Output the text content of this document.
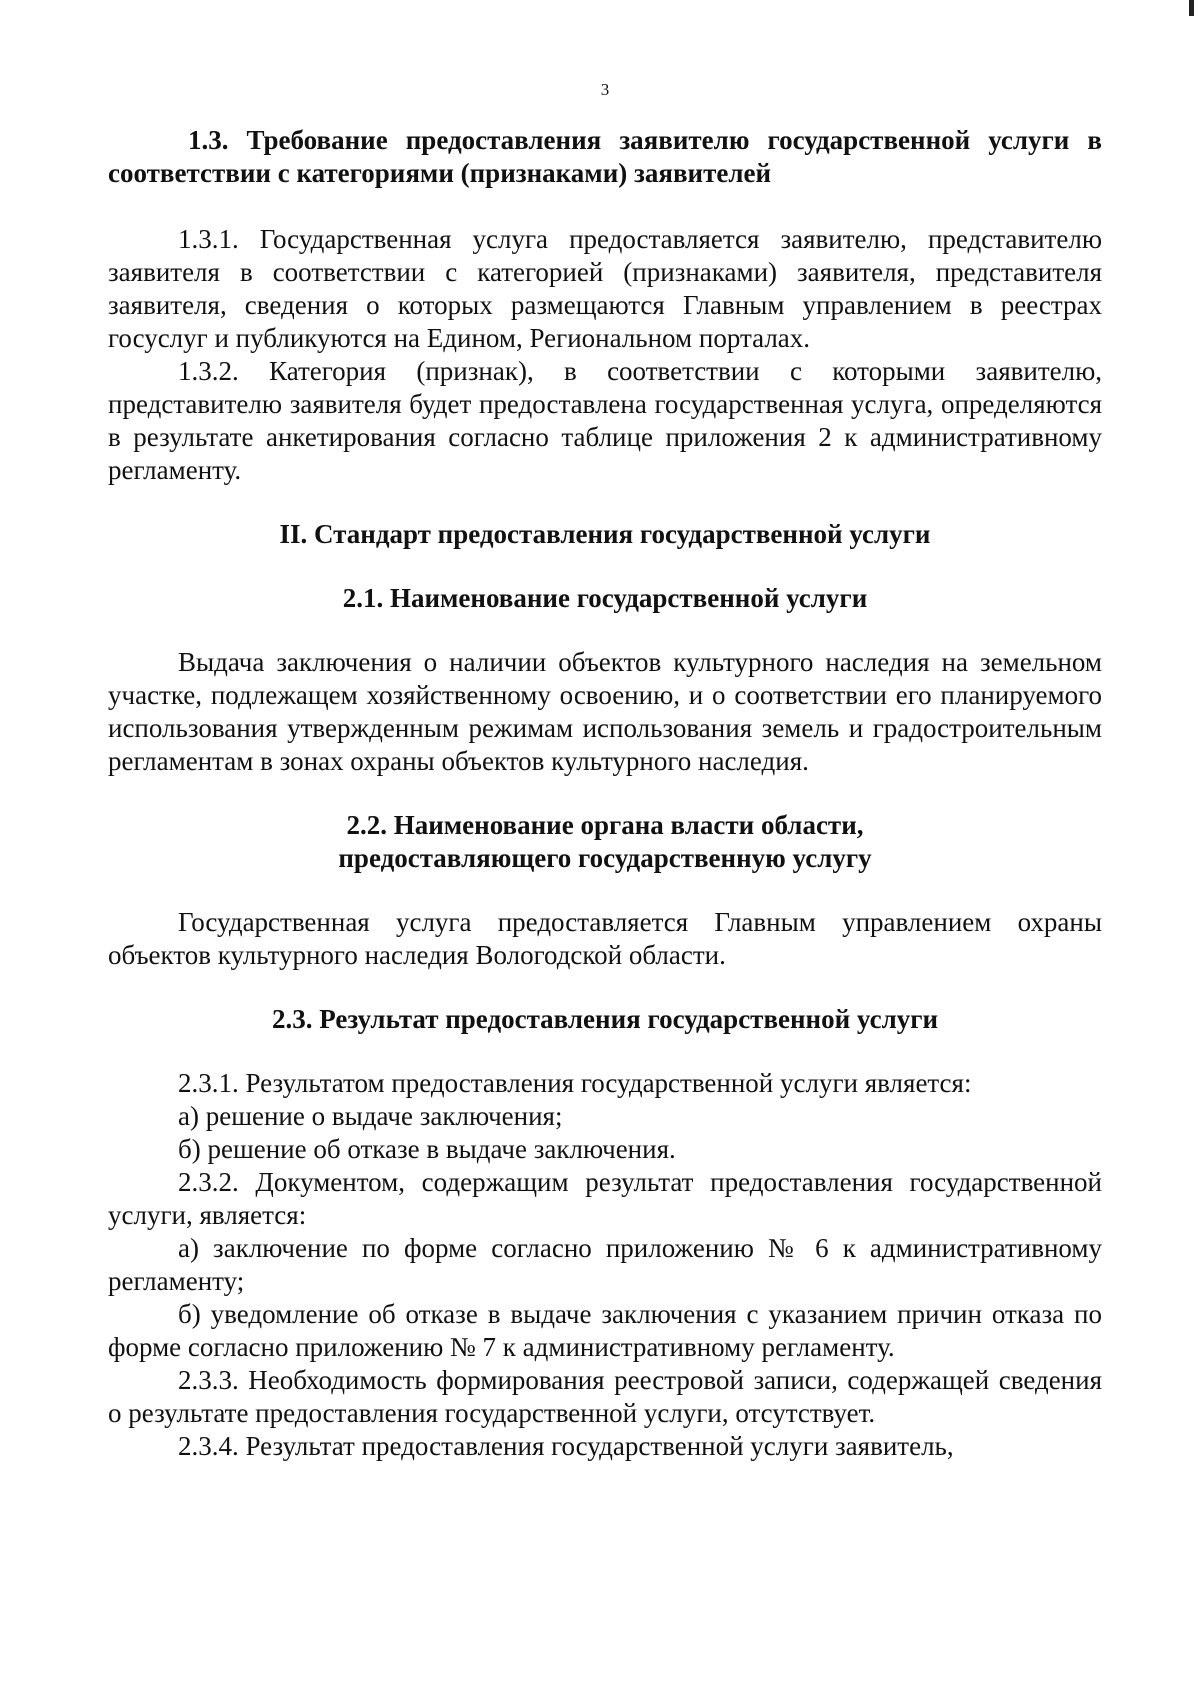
3

1.3. Требование предоставления заявителю государственной услуги в соответствии с категориями (признаками) заявителей

1.3.1. Государственная услуга предоставляется заявителю, представителю заявителя в соответствии с категорией (признаками) заявителя, представителя заявителя, сведения о которых размещаются Главным управлением в реестрах госуслуг и публикуются на Едином, Региональном порталах.

1.3.2. Категория (признак), в соответствии с которыми заявителю, представителю заявителя будет предоставлена государственная услуга, определяются в результате анкетирования согласно таблице приложения 2 к административному регламенту.

II. Стандарт предоставления государственной услуги

2.1. Наименование государственной услуги

Выдача заключения о наличии объектов культурного наследия на земельном участке, подлежащем хозяйственному освоению, и о соответствии его планируемого использования утвержденным режимам использования земель и градостроительным регламентам в зонах охраны объектов культурного наследия.

2.2. Наименование органа власти области,

предоставляющего государственную услугу

Государственная услуга предоставляется Главным управлением охраны объектов культурного наследия Вологодской области.

2.3. Результат предоставления государственной услуги

2.3.1. Результатом предоставления государственной услуги является:

а) решение о выдаче заключения;

б) решение об отказе в выдаче заключения.

2.3.2. Документом, содержащим результат предоставления государственной услуги, является:

а) заключение по форме согласно приложению № 6 к административному регламенту;

б) уведомление об отказе в выдаче заключения с указанием причин отказа по форме согласно приложению № 7 к административному регламенту.

2.3.3. Необходимость формирования реестровой записи, содержащей сведения о результате предоставления государственной услуги, отсутствует.

2.3.4. Результат предоставления государственной услуги заявитель,
